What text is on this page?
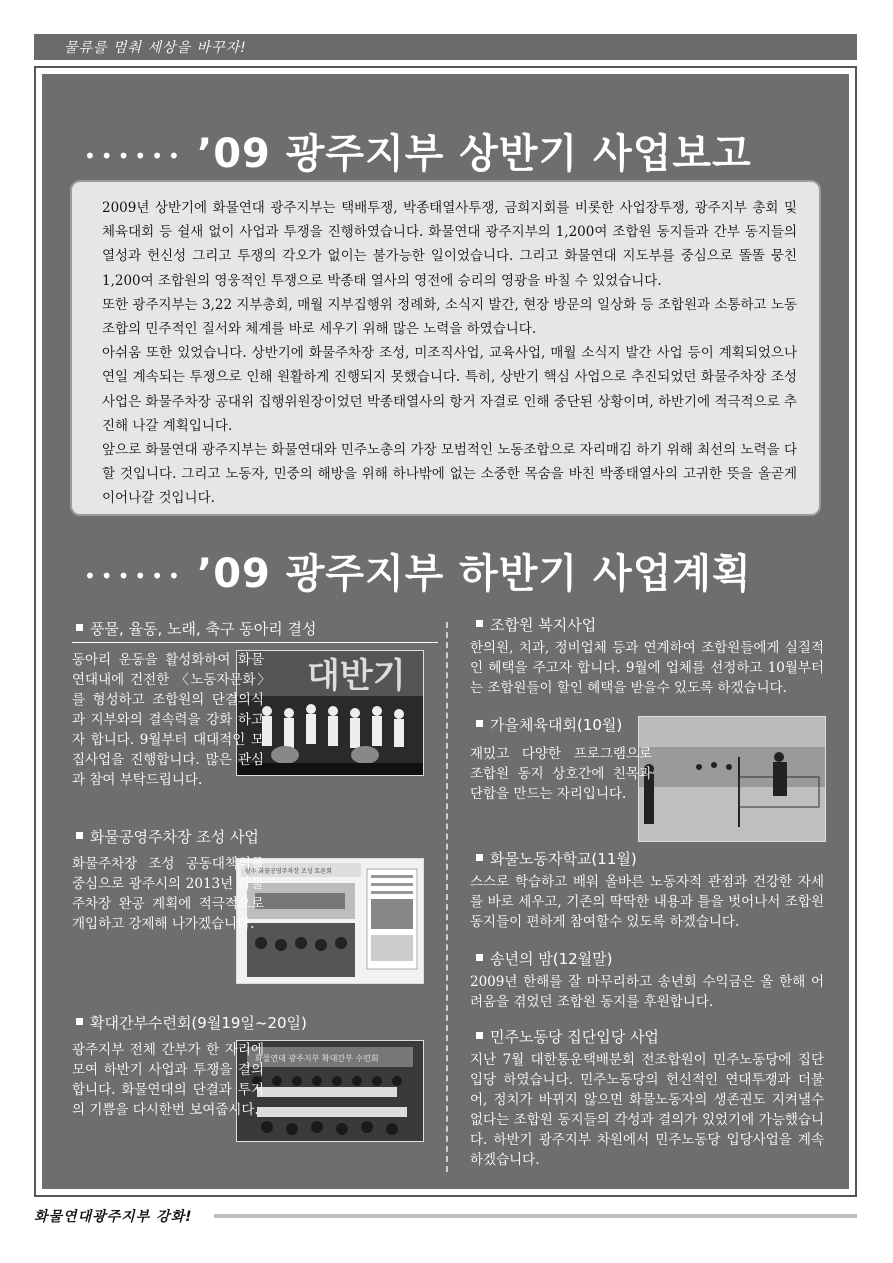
물류를 멈춰 세상을 바꾸자!
•••••• ’09 광주지부 상반기 사업보고

2009년 상반기에 화물연대 광주지부는 택배투쟁, 박종태열사투쟁, 금희지회를 비롯한 사업장투쟁, 광주지부 총회 및 체육대회 등 쉴새 없이 사업과 투쟁을 진행하였습니다. 화물연대 광주지부의 1,200여 조합원 동지들과 간부 동지들의 열성과 헌신성 그리고 투쟁의 각오가 없이는 불가능한 일이었습니다. 그리고 화물연대 지도부를 중심으로 똘똘 뭉친 1,200여 조합원의 영웅적인 투쟁으로 박종태 열사의 영전에 승리의 영광을 바칠 수 있었습니다.

또한 광주지부는 3,22 지부총회, 매월 지부집행위 정례화, 소식지 발간, 현장 방문의 일상화 등 조합원과 소통하고 노동조합의 민주적인 질서와 체계를 바로 세우기 위해 많은 노력을 하였습니다.

아쉬움 또한 있었습니다. 상반기에 화물주차장 조성, 미조직사업, 교육사업, 매월 소식지 발간 사업 등이 계획되었으나 연일 계속되는 투쟁으로 인해 원활하게 진행되지 못했습니다. 특히, 상반기 핵심 사업으로 추진되었던 화물주차장 조성 사업은 화물주차장 공대위 집행위원장이었던 박종태열사의 항거 자결로 인해 중단된 상황이며, 하반기에 적극적으로 추진해 나갈 계획입니다.

앞으로 화물연대 광주지부는 화물연대와 민주노총의 가장 모범적인 노동조합으로 자리매김 하기 위해 최선의 노력을 다할 것입니다. 그리고 노동자, 민중의 해방을 위해 하나밖에 없는 소중한 목숨을 바친 박종태열사의 고귀한 뜻을 올곧게 이어나갈 것입니다.

•••••• ’09 광주지부 하반기 사업계획
풍물, 율동, 노래, 축구 동아리 결성
대반기
동아리 운동을 활성화하여 화물연대내에 건전한 〈노동자문화〉를 형성하고 조합원의 단결의식과 지부와의 결속력을 강화 하고자 합니다. 9월부터 대대적인 모집사업을 진행합니다. 많은 관심과 참여 부탁드립니다.
화물공영주차장 조성 사업
광주 화물공영주차장 조성 토론회
화물주차장 조성 공동대책위를 중심으로 광주시의 2013년 화물주차장 완공 계획에 적극적으로 개입하고 강제해 나가겠습니다.
확대간부수련회(9월19일~20일)
화물연대 광주지부 확대간부 수련회
광주지부 전체 간부가 한 자리에 모여 하반기 사업과 투쟁을 결의합니다. 화물연대의 단결과 투지의 기쁨을 다시한번 보여줍시다.
조합원 복지사업
한의원, 치과, 정비업체 등과 연계하여 조합원들에게 실질적인 혜택을 주고자 합니다. 9월에 업체를 선정하고 10월부터는 조합원들이 할인 혜택을 받을수 있도록 하겠습니다.
가을체육대회(10월)
재밌고 다양한 프로그램으로 조합원 동지 상호간에 친목과 단합을 만드는 자리입니다.
화물노동자학교(11월)
스스로 학습하고 배워 올바른 노동자적 관점과 건강한 자세를 바로 세우고, 기존의 딱딱한 내용과 틀을 벗어나서 조합원 동지들이 편하게 참여할수 있도록 하겠습니다.
송년의 밤(12월말)
2009년 한해를 잘 마무리하고 송년회 수익금은 올 한해 어려움을 겪었던 조합원 동지를 후원합니다.
민주노동당 집단입당 사업
지난 7월 대한통운택배분회 전조합원이 민주노동당에 집단입당 하였습니다. 민주노동당의 헌신적인 연대투쟁과 더불어, 정치가 바뀌지 않으면 화물노동자의 생존권도 지켜낼수 없다는 조합원 동지들의 각성과 결의가 있었기에 가능했습니다. 하반기 광주지부 차원에서 민주노동당 입당사업을 계속 하겠습니다.
화물연대광주지부 강화!
